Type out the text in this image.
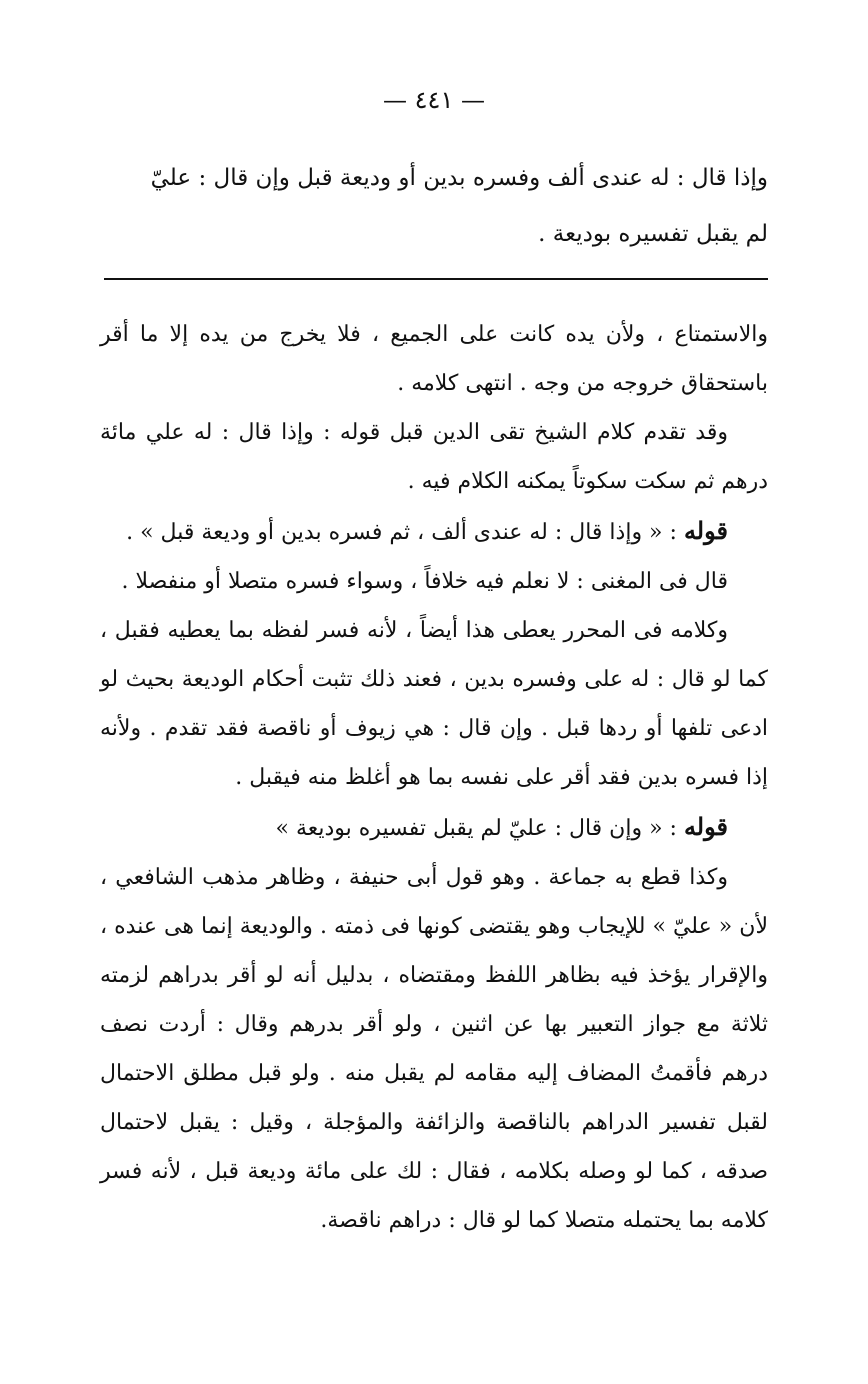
— ٤٤١ —

وإذا قال : له عندى ألف وفسره بدين أو وديعة قبل وإن قال : عليّ

لم يقبل تفسيره بوديعة .

والاستمتاع ، ولأن يده كانت على الجميع ، فلا يخرج من يده إلا ما أقر باستحقاق خروجه من وجه . انتهى كلامه .

وقد تقدم كلام الشيخ تقى الدين قبل قوله : وإذا قال : له علي مائة درهم ثم سكت سكوتاً يمكنه الكلام فيه .

قوله : « وإذا قال : له عندى ألف ، ثم فسره بدين أو وديعة قبل » .

قال فى المغنى : لا نعلم فيه خلافاً ، وسواء فسره متصلا أو منفصلا .

وكلامه فى المحرر يعطى هذا أيضاً ، لأنه فسر لفظه بما يعطيه فقبل ، كما لو قال : له على وفسره بدين ، فعند ذلك تثبت أحكام الوديعة بحيث لو ادعى تلفها أو ردها قبل . وإن قال : هي زيوف أو ناقصة فقد تقدم . ولأنه إذا فسره بدين فقد أقر على نفسه بما هو أغلظ منه فيقبل .

قوله : « وإن قال : عليّ لم يقبل تفسيره بوديعة »

وكذا قطع به جماعة . وهو قول أبى حنيفة ، وظاهر مذهب الشافعي ، لأن « عليّ » للإيجاب وهو يقتضى كونها فى ذمته . والوديعة إنما هى عنده ، والإقرار يؤخذ فيه بظاهر اللفظ ومقتضاه ، بدليل أنه لو أقر بدراهم لزمته ثلاثة مع جواز التعبير بها عن اثنين ، ولو أقر بدرهم وقال : أردت نصف درهم فأقمتُ المضاف إليه مقامه لم يقبل منه . ولو قبل مطلق الاحتمال لقبل تفسير الدراهم بالناقصة والزائفة والمؤجلة ، وقيل : يقبل لاحتمال صدقه ، كما لو وصله بكلامه ، فقال : لك على مائة وديعة قبل ، لأنه فسر كلامه بما يحتمله متصلا كما لو قال : دراهم ناقصة.
